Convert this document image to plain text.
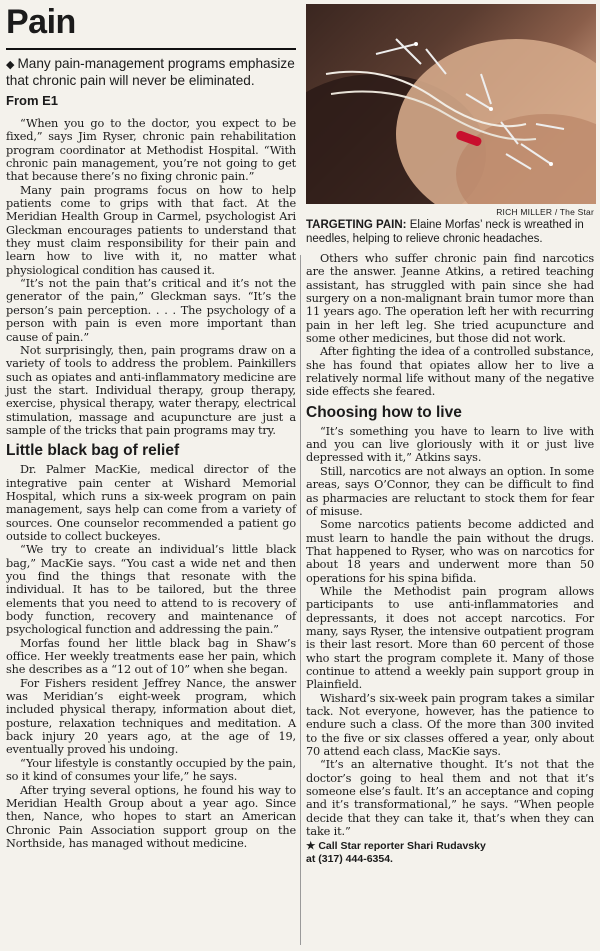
Pain

◆ Many pain-management programs emphasize that chronic pain will never be eliminated.

From E1

“When you go to the doctor, you expect to be fixed,” says Jim Ryser, chronic pain rehabilitation program coordinator at Methodist Hospital. “With chronic pain management, you’re not going to get that because there’s no fixing chronic pain.”

Many pain programs focus on how to help patients come to grips with that fact. At the Meridian Health Group in Carmel, psychologist Ari Gleckman encourages patients to understand that they must claim responsibility for their pain and learn how to live with it, no matter what physiological condition has caused it.

“It’s not the pain that’s critical and it’s not the generator of the pain,” Gleckman says. “It’s the person’s pain perception. . . . The psychology of a person with pain is even more important than cause of pain.”

Not surprisingly, then, pain programs draw on a variety of tools to address the problem. Painkillers such as opiates and anti-inflammatory medicine are just the start. Individual therapy, group therapy, exercise, physical therapy, water therapy, electrical stimulation, massage and acupuncture are just a sample of the tricks that pain programs may try.

Little black bag of relief

Dr. Palmer MacKie, medical director of the integrative pain center at Wishard Memorial Hospital, which runs a six-week program on pain management, says help can come from a variety of sources. One counselor recommended a patient go outside to collect buckeyes.

“We try to create an individual’s little black bag,” MacKie says. “You cast a wide net and then you find the things that resonate with the individual. It has to be tailored, but the three elements that you need to attend to is recovery of body function, recovery and maintenance of psychological function and addressing the pain.”

Morfas found her little black bag in Shaw’s office. Her weekly treatments ease her pain, which she describes as a “12 out of 10” when she began.

For Fishers resident Jeffrey Nance, the answer was Meridian’s eight-week program, which included physical therapy, information about diet, posture, relaxation techniques and meditation. A back injury 20 years ago, at the age of 19, eventually proved his undoing.

“Your lifestyle is constantly occupied by the pain, so it kind of consumes your life,” he says.

After trying several options, he found his way to Meridian Health Group about a year ago. Since then, Nance, who hopes to start an American Chronic Pain Association support group on the Northside, has managed without medicine.

RICH MILLER / The Star

TARGETING PAIN: Elaine Morfas’ neck is wreathed in needles, helping to relieve chronic headaches.

Others who suffer chronic pain find narcotics are the answer. Jeanne Atkins, a retired teaching assistant, has struggled with pain since she had surgery on a non-malignant brain tumor more than 11 years ago. The operation left her with recurring pain in her left leg. She tried acupuncture and some other medicines, but those did not work.

After fighting the idea of a controlled substance, she has found that opiates allow her to live a relatively normal life without many of the negative side effects she feared.

Choosing how to live

“It’s something you have to learn to live with and you can live gloriously with it or just live depressed with it,” Atkins says.

Still, narcotics are not always an option. In some areas, says O’Connor, they can be difficult to find as pharmacies are reluctant to stock them for fear of misuse.

Some narcotics patients become addicted and must learn to handle the pain without the drugs. That happened to Ryser, who was on narcotics for about 18 years and underwent more than 50 operations for his spina bifida.

While the Methodist pain program allows participants to use anti-inflammatories and depressants, it does not accept narcotics. For many, says Ryser, the intensive outpatient program is their last resort. More than 60 percent of those who start the program complete it. Many of those continue to attend a weekly pain support group in Plainfield.

Wishard’s six-week pain program takes a similar tack. Not everyone, however, has the patience to endure such a class. Of the more than 300 invited to the five or six classes offered a year, only about 70 attend each class, MacKie says.

“It’s an alternative thought. It’s not that the doctor’s going to heal them and not that it’s someone else’s fault. It’s an acceptance and coping and it’s transformational,” he says. “When people decide that they can take it, that’s when they can take it.”

★ Call Star reporter Shari Rudavsky
at (317) 444-6354.
